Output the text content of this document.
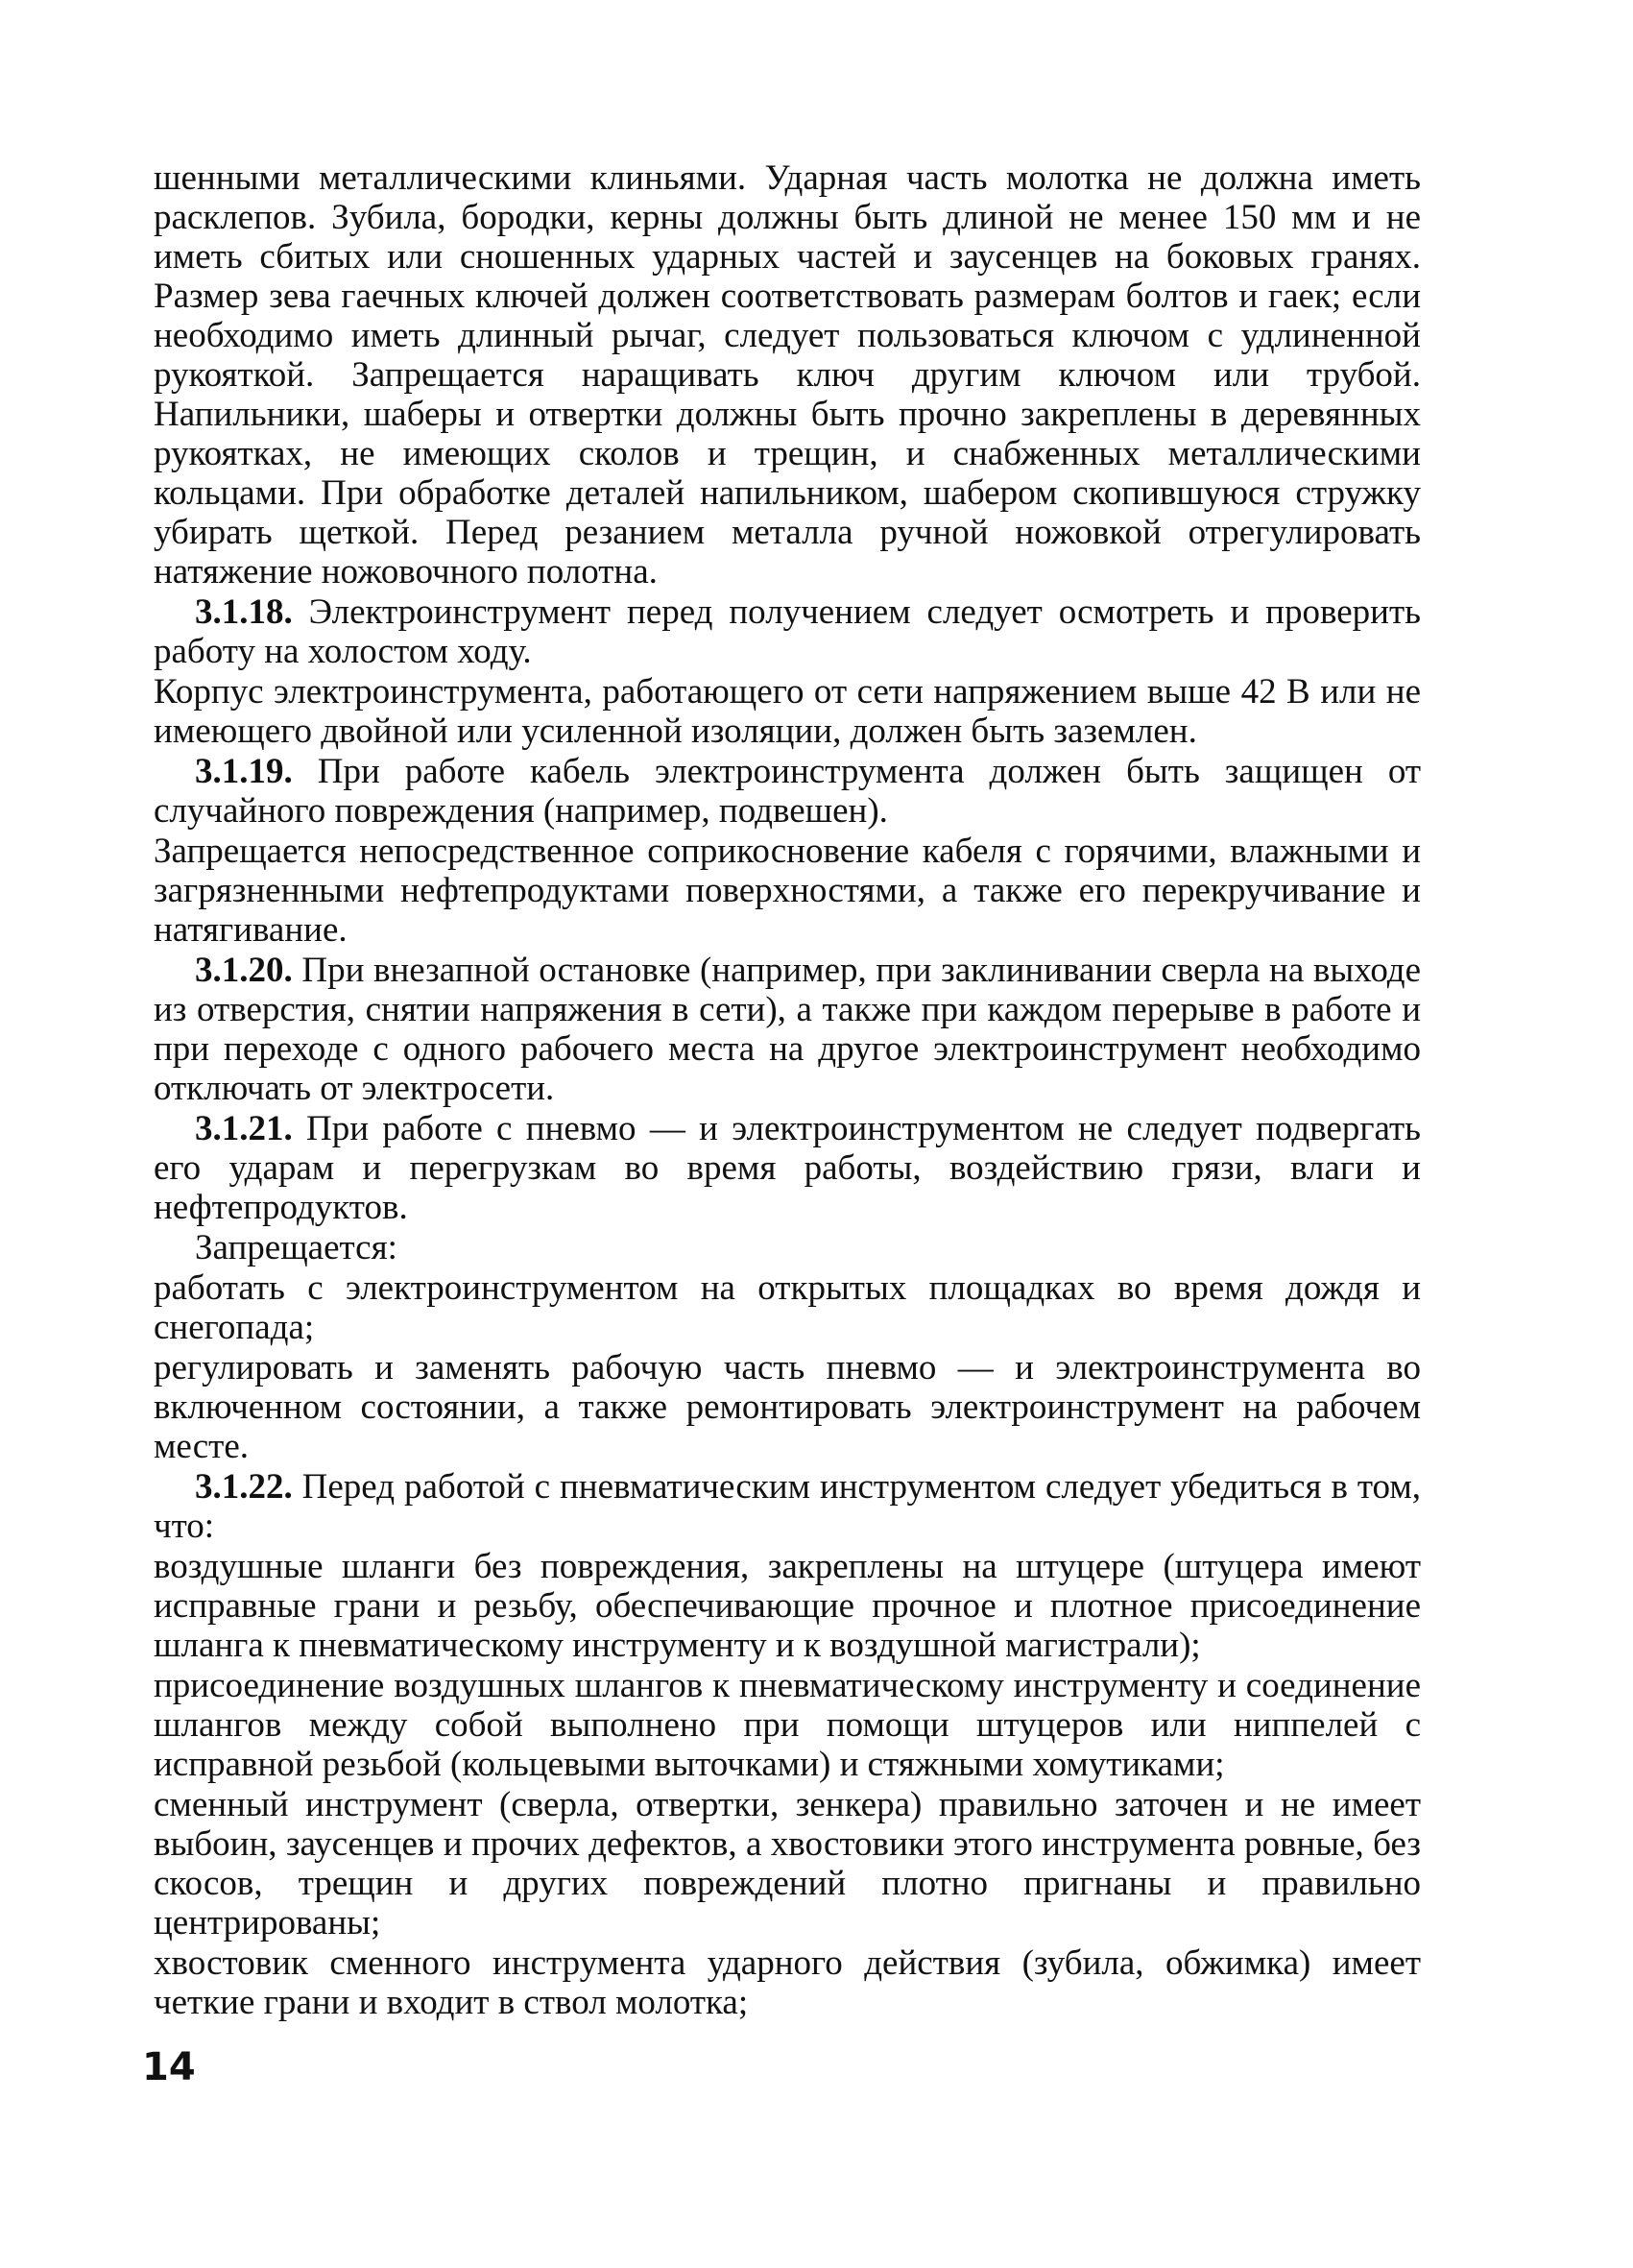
шенными металлическими клиньями. Ударная часть молотка не должна иметь расклепов. Зубила, бородки, керны должны быть длиной не менее 150 мм и не иметь сбитых или сношенных ударных частей и заусенцев на боковых гранях. Размер зева гаечных ключей должен соответствовать размерам болтов и гаек; если необходимо иметь длинный рычаг, следует пользоваться ключом с удлиненной рукояткой. Запрещается наращивать ключ другим ключом или трубой. Напильники, шаберы и отвертки должны быть прочно закреплены в деревянных рукоятках, не имеющих сколов и трещин, и снабженных металлическими кольцами. При обработке деталей напильником, шабером скопившуюся стружку убирать щеткой. Перед резанием металла ручной ножовкой отрегулировать натяжение ножовочного полотна.

3.1.18. Электроинструмент перед получением следует осмотреть и проверить работу на холостом ходу.

Корпус электроинструмента, работающего от сети напряжением выше 42 В или не имеющего двойной или усиленной изоляции, должен быть заземлен.

3.1.19. При работе кабель электроинструмента должен быть защищен от случайного повреждения (например, подвешен).

Запрещается непосредственное соприкосновение кабеля с горячими, влажными и загрязненными нефтепродуктами поверхностями, а также его перекручивание и натягивание.

3.1.20. При внезапной остановке (например, при заклинивании сверла на выходе из отверстия, снятии напряжения в сети), а также при каждом перерыве в работе и при переходе с одного рабочего места на другое электроинструмент необходимо отключать от электросети.

3.1.21. При работе с пневмо — и электроинструментом не следует подвергать его ударам и перегрузкам во время работы, воздействию грязи, влаги и нефтепродуктов.

Запрещается:

работать с электроинструментом на открытых площадках во время дождя и снегопада;

регулировать и заменять рабочую часть пневмо — и электроинструмента во включенном состоянии, а также ремонтировать электроинструмент на рабочем месте.

3.1.22. Перед работой с пневматическим инструментом следует убедиться в том, что:

воздушные шланги без повреждения, закреплены на штуцере (штуцера имеют исправные грани и резьбу, обеспечивающие прочное и плотное присоединение шланга к пневматическому инструменту и к воздушной магистрали);

присоединение воздушных шлангов к пневматическому инструменту и соединение шлангов между собой выполнено при помощи штуцеров или ниппелей с исправной резьбой (кольцевыми выточками) и стяжными хомутиками;

сменный инструмент (сверла, отвертки, зенкера) правильно заточен и не имеет выбоин, заусенцев и прочих дефектов, а хвостовики этого инструмента ровные, без скосов, трещин и других повреждений плотно пригнаны и правильно центрированы;

хвостовик сменного инструмента ударного действия (зубила, обжимка) имеет четкие грани и входит в ствол молотка;

14
